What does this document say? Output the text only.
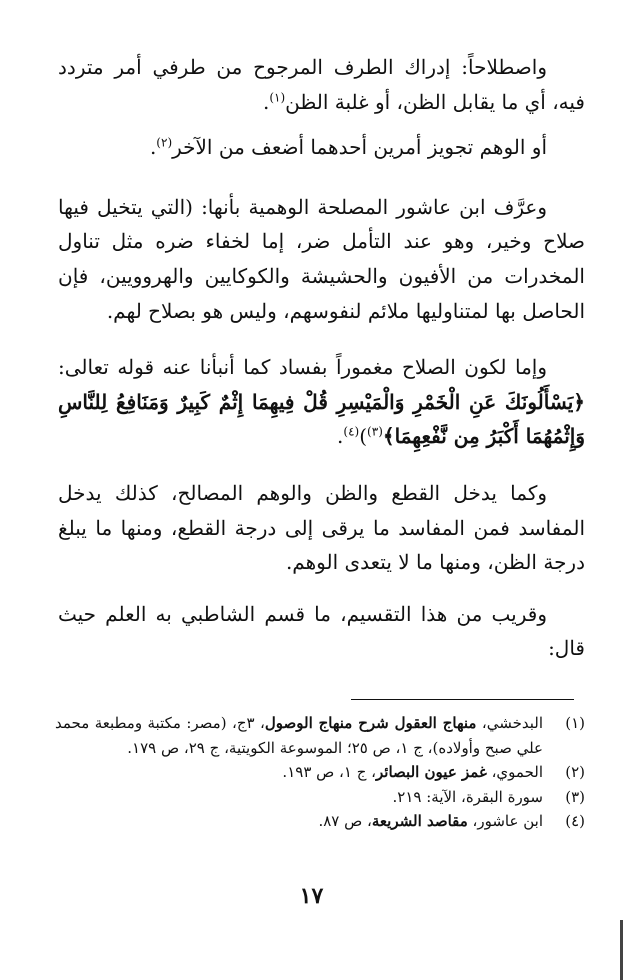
واصطلاحاً: إدراك الطرف المرجوح من طرفي أمر متردد فيه، أي ما يقابل الظن، أو غلبة الظن$^{(١)}$.

أو الوهم تجويز أمرين أحدهما أضعف من الآخر$^{(٢)}$.

وعرَّف ابن عاشور المصلحة الوهمية بأنها: (التي يتخيل فيها صلاح وخير، وهو عند التأمل ضر، إما لخفاء ضره مثل تناول المخدرات من الأفيون والحشيشة والكوكايين والهروويين، فإن الحاصل بها لمتناوليها ملائم لنفوسهم، وليس هو بصلاح لهم.

وإما لكون الصلاح مغموراً بفساد كما أنبأنا عنه قوله تعالى: ﴿يَسْأَلُونَكَ عَنِ الْخَمْرِ وَالْمَيْسِرِ قُلْ فِيهِمَا إِثْمٌ كَبِيرٌ وَمَنَافِعُ لِلنَّاسِ وَإِثْمُهُمَا أَكْبَرُ مِن نَّفْعِهِمَا﴾$^{(٣)}$)$^{(٤)}$.

وكما يدخل القطع والظن والوهم المصالح، كذلك يدخل المفاسد فمن المفاسد ما يرقى إلى درجة القطع، ومنها ما يبلغ درجة الظن، ومنها ما لا يتعدى الوهم.

وقريب من هذا التقسيم، ما قسم الشاطبي به العلم حيث قال:

(١)
البدخشي، منهاج العقول شرح منهاج الوصول، ٣ج، (مصر: مكتبة ومطبعة محمد علي صبح وأولاده)، ج ١، ص ٢٥؛ الموسوعة الكويتية، ج ٢٩، ص ١٧٩.
(٢)
الحموي، غمز عيون البصائر، ج ١، ص ١٩٣.
(٣)
سورة البقرة، الآية: ٢١٩.
(٤)
ابن عاشور، مقاصد الشريعة، ص ٨٧.
١٧
